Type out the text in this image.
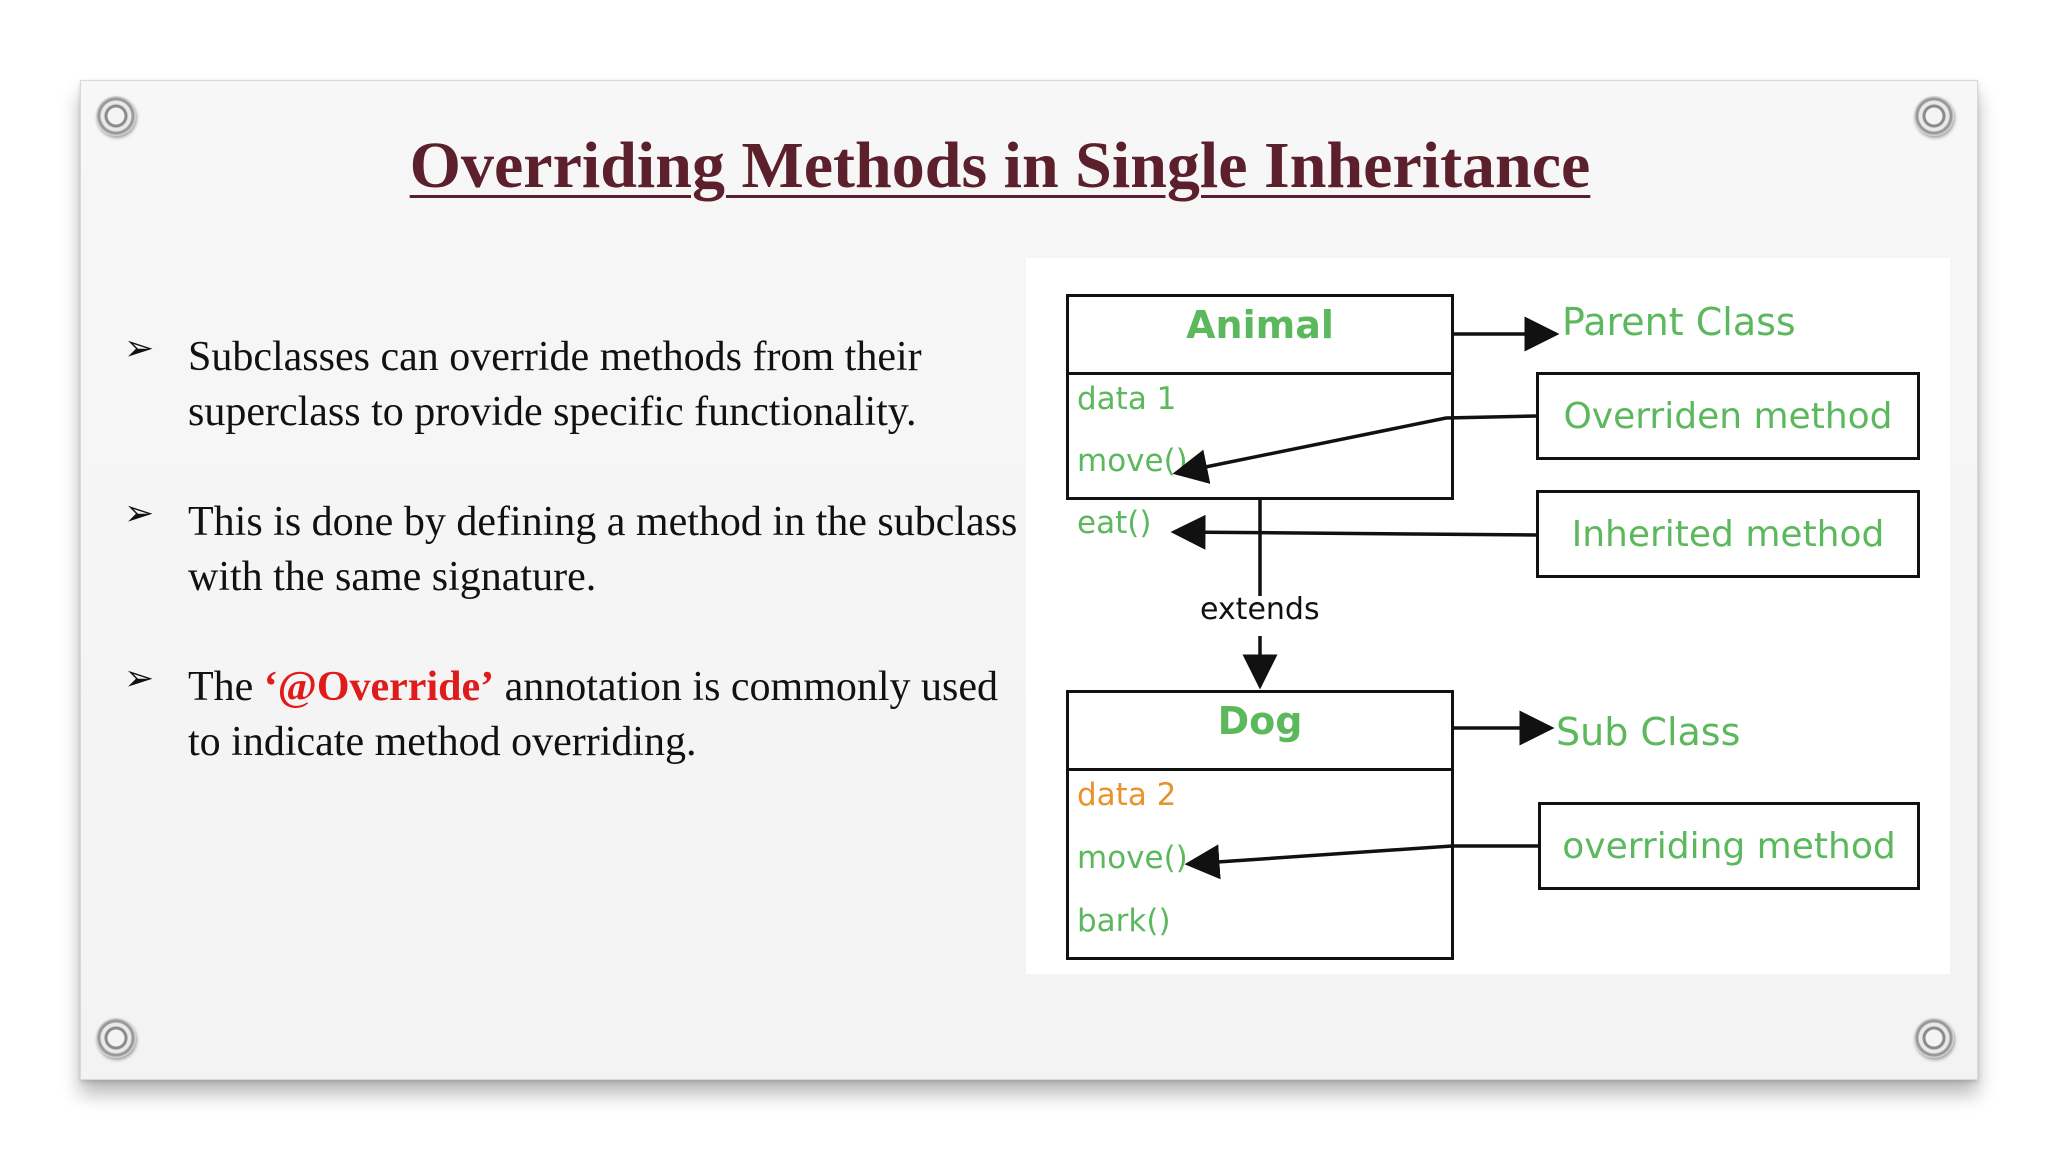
Overriding Methods in Single Inheritance
➢ Subclasses can override methods from their superclass to provide specific functionality.
➢ This is done by defining a method in the subclass with the same signature.
➢ The ‘@Override’ annotation is commonly used to indicate method overriding.
Animal
data 1
move()
eat()
Dog
data 2
move()
bark()
Parent Class
Sub Class
Overriden method
Inherited method
overriding method
extends
